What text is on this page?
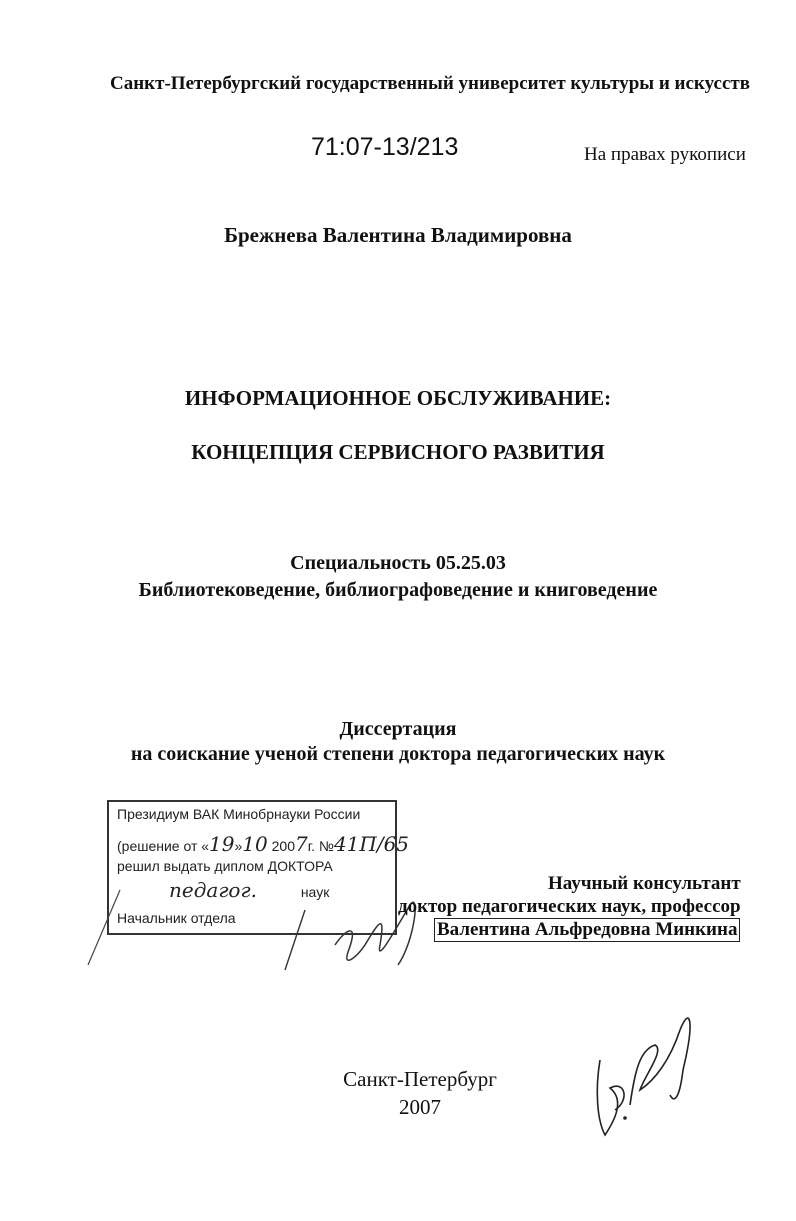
Санкт-Петербургский государственный университет культуры и искусств
71:07-13/213	На правах рукописи
Брежнева Валентина Владимировна
ИНФОРМАЦИОННОЕ ОБСЛУЖИВАНИЕ:
КОНЦЕПЦИЯ СЕРВИСНОГО РАЗВИТИЯ
Специальность 05.25.03
Библиотековедение, библиографоведение и книговедение
Диссертация
на соискание ученой степени доктора педагогических наук
Президиум ВАК Минобрнауки России
(решение от «19»10 2007г. №41П/65
решил выдать диплом ДОКТОРА
педагог.	наук
Начальник отдела
Научный консультант
доктор педагогических наук, профессор
Валентина Альфредовна Минкина
Санкт-Петербург
2007
